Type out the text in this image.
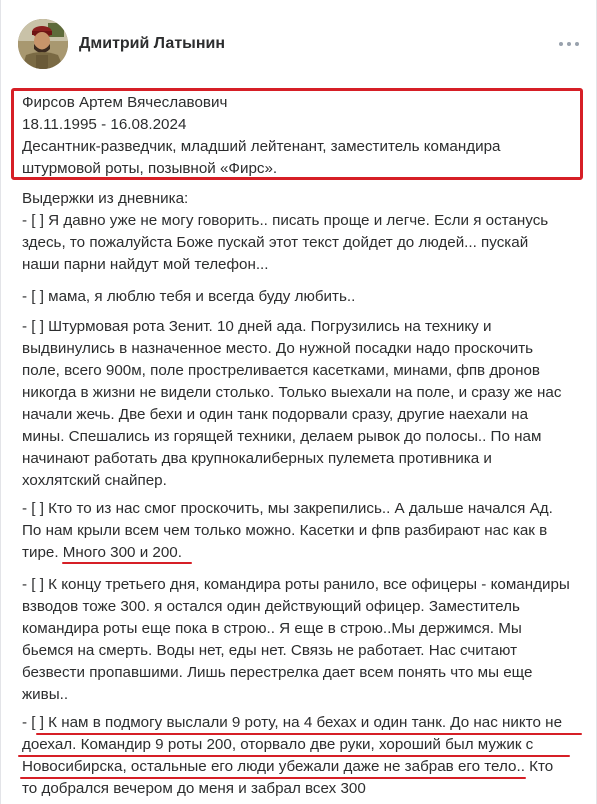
Дмитрий Латынин
Фирсов Артем Вячеславович
18.11.1995 - 16.08.2024
Десантник-разведчик, младший лейтенант, заместитель командира
штурмовой роты, позывной «Фирс».
Выдержки из дневника:
- [ ] Я давно уже не могу говорить.. писать проще и легче. Если я останусь
здесь, то пожалуйста Боже пускай этот текст дойдет до людей... пускай
наши парни найдут мой телефон...
- [ ] мама, я люблю тебя и всегда буду любить..
- [ ] Штурмовая рота Зенит. 10 дней ада. Погрузились на технику и
выдвинулись в назначенное место. До нужной посадки надо проскочить
поле, всего 900м, поле простреливается касетками, минами, фпв дронов
никогда в жизни не видели столько. Только выехали на поле, и сразу же нас
начали жечь. Две бехи и один танк подорвали сразу, другие наехали на
мины. Спешались из горящей техники, делаем рывок до полосы.. По нам
начинают работать два крупнокалиберных пулемета противника и
хохлятский снайпер.
- [ ] Кто то из нас смог проскочить, мы закрепились.. А дальше начался Ад.
По нам крыли всем чем только можно. Касетки и фпв разбирают нас как в
тире. Много 300 и 200.
- [ ] К концу третьего дня, командира роты ранило, все офицеры - командиры
взводов тоже 300. я остался один действующий офицер. Заместитель
командира роты еще пока в строю.. Я еще в строю..Мы держимся. Мы
бьемся на смерть. Воды нет, еды нет. Связь не работает. Нас считают
безвести пропавшими. Лишь перестрелка дает всем понять что мы еще
живы..
- [ ] К нам в подмогу выслали 9 роту, на 4 бехах и один танк. До нас никто не
доехал. Командир 9 роты 200, оторвало две руки, хороший был мужик с
Новосибирска, остальные его люди убежали даже не забрав его тело.. Кто
то добрался вечером до меня и забрал всех 300
